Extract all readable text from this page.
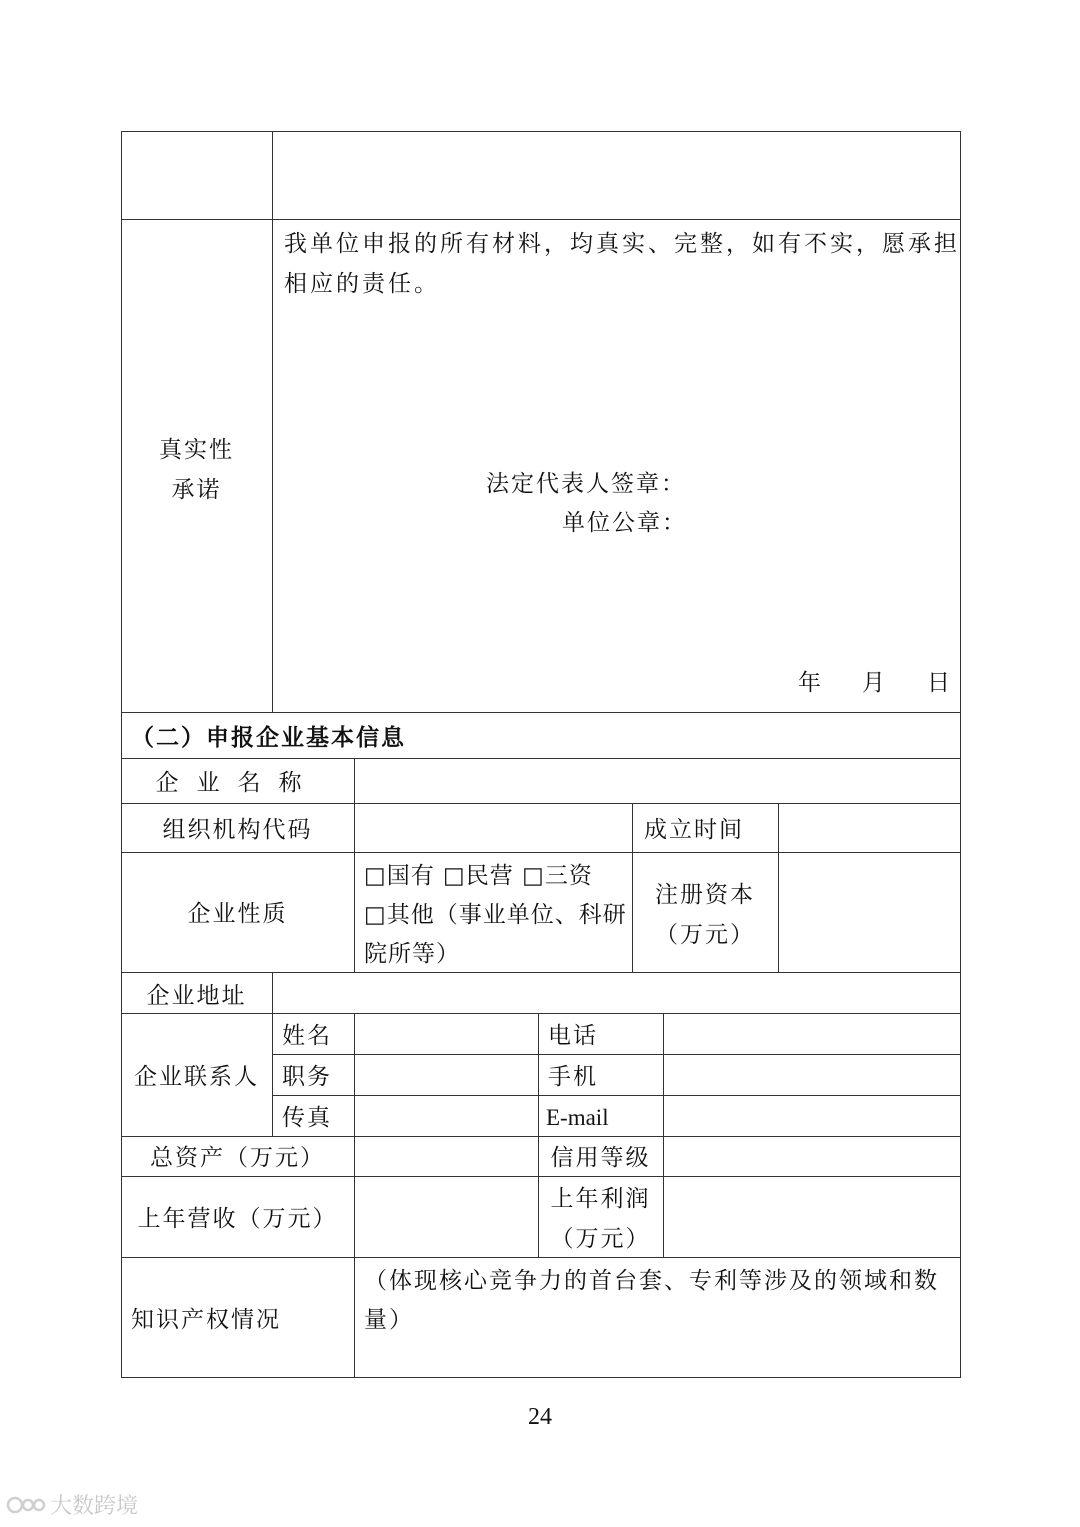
真实性
承诺
我单位申报的所有材料，均真实、完整，如有不实，愿承担
相应的责任。
法定代表人签章：
单位公章：
年 月 日
（二）申报企业基本信息
企业名称
组织机构代码	成立时间
企业性质
□国有 □民营 □三资
□其他（事业单位、科研
院所等）
注册资本
（万元）
企业地址
企业联系人
姓名
职务
传真
电话
手机
E-mail
总资产（万元）	信用等级
上年营收（万元）
上年利润
（万元）
知识产权情况
（体现核心竞争力的首台套、专利等涉及的领域和数
量）
24
大数跨境
